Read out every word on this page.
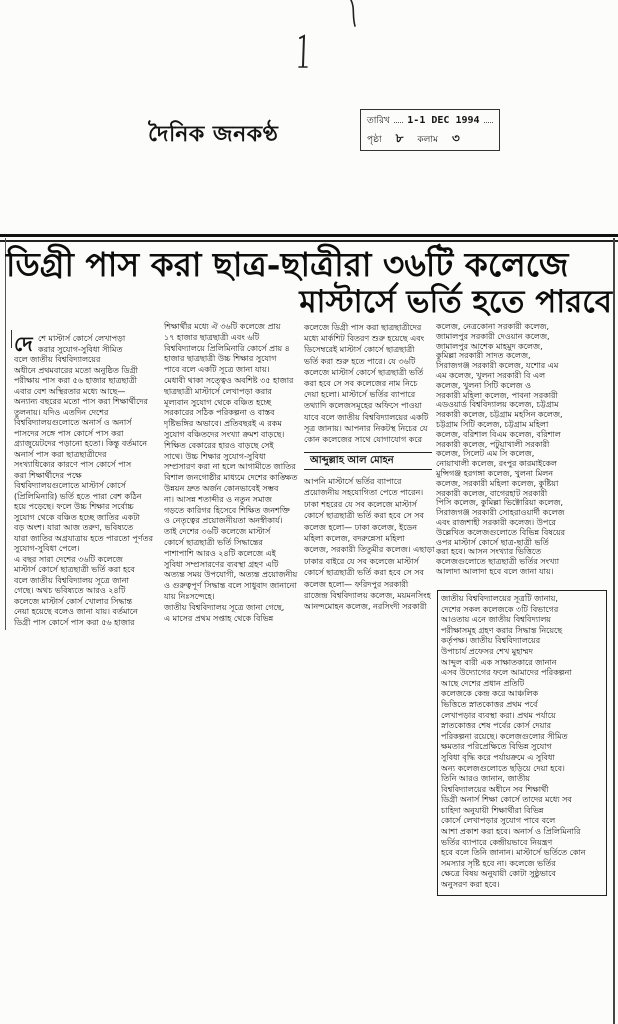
দৈনিক জনকণ্ঠ	তারিখ 1-1 DEC 1994
পৃষ্ঠা	৮	কলাম	৩
ডিগ্রী পাস করা ছাত্র-ছাত্রীরা ৩৬টি কলেজে
মাস্টার্সে ভর্তি হতে পারবে
দে শে মাস্টার্স কোর্সে লেখাপড়া
করার সুযোগ-সুবিধা সীমিত
বলে জাতীয় বিশ্ববিদ্যালয়ের
অধীনে প্রথমবারের মতো অনুষ্ঠিত ডিগ্রী
পরীক্ষায় পাস করা ৫৬ হাজার ছাত্রছাত্রী
এবার বেশ অস্থিরতার মধ্যে আছে—
অন্যান্য বছরের মতো পাস করা শিক্ষার্থীদের
তুলনায়। যদিও এতদিন দেশের
বিশ্ববিদ্যালয়গুলোতে অনার্স ও অনার্স
পাসদের সঙ্গে পাস কোর্সে পাস করা
গ্র্যাজুয়েটদের পড়ানো হতো। কিন্তু বর্তমানে
অনার্স পাস করা ছাত্রছাত্রীদের
সংখ্যাধিক্যের কারণে পাস কোর্সে পাস
করা শিক্ষার্থীদের পক্ষে
বিশ্ববিদ্যালয়গুলোতে মাস্টার্স কোর্সে
(প্রিলিমিনারি) ভর্তি হতে পারা বেশ কঠিন
হয়ে পড়েছে। ফলে উচ্চ শিক্ষার সর্বোচ্চ
সুযোগ থেকে বঞ্চিত হচ্ছে জাতির একটা
বড় অংশ। যারা আজ তরুণ, ভবিষ্যতে
যারা জাতির অগ্রযাত্রায় হতে পারতো পূর্ণতর
সুযোগ-সুবিধা পেলে।
এ বছর সারা দেশের ৩৬টি কলেজে
মাস্টার্স কোর্সে ছাত্রছাত্রী ভর্তি করা হবে
বলে জাতীয় বিশ্ববিদ্যালয় সূত্রে জানা
গেছে। অথচ ভবিষ্যতে আরও ২৪টি
কলেজে মাস্টার্স কোর্স খোলার সিদ্ধান্ত
নেয়া হয়েছে বলেও জানা যায়। বর্তমানে
ডিগ্রী পাস কোর্সে পাস করা ৫৬ হাজার
শিক্ষার্থীর মধ্যে ঐ ৩৬টি কলেজে প্রায়
১৭ হাজার ছাত্রছাত্রী এবং ৬টি
বিশ্ববিদ্যালয়ে প্রিলিমিনারি কোর্সে প্রায় ৪
হাজার ছাত্রছাত্রী উচ্চ শিক্ষার সুযোগ
পাবে বলে একটি সূত্রে জানা যায়।
মেধাবী থাকা সত্ত্বেও অবশিষ্ট ৩৫ হাজার
ছাত্রছাত্রী মাস্টার্সে লেখাপড়া করার
মূল্যবান সুযোগ থেকে বঞ্চিত হচ্ছে
সরকারের সঠিক পরিকল্পনা ও বাস্তব
দৃষ্টিভঙ্গির অভাবে। প্রতিবছরই এ রকম
সুযোগ বঞ্চিতদের সংখ্যা ক্রমশ বাড়ছে।
শিক্ষিত বেকারের হারও বাড়ছে সেই
সাথে। উচ্চ শিক্ষার সুযোগ-সুবিধা
সম্প্রসারণ করা না হলে আগামীতে জাতির
বিশাল জনগোষ্ঠীর মাধ্যমে দেশের কাঙ্ক্ষিত
উন্নয়ন দ্রুত অর্জন কোনভাবেই সম্ভব
না। আসন্ন শতাব্দীর ও নতুন সমাজ
গড়তে কারিগর হিসেবে শিক্ষিত জনশক্তি
ও নেতৃত্বের প্রয়োজনীয়তা অনস্বীকার্য।
তাই দেশের ৩৬টি কলেজে মাস্টার্স
কোর্সে ছাত্রছাত্রী ভর্তি সিদ্ধান্তের
পাশাপাশি আরও ২৪টি কলেজে এই
সুবিধা সম্প্রসারণের ব্যবস্থা গ্রহণ এটি
অত্যন্ত সময় উপযোগী, অত্যন্ত প্রয়োজনীয়
ও গুরুত্বপূর্ণ সিদ্ধান্ত বলে সাধুবাদ জানানো
যায় নিঃসন্দেহে।
জাতীয় বিশ্ববিদ্যালয় সূত্রে জানা গেছে,
এ মাসের প্রথম সপ্তাহ থেকে বিভিন্ন
কলেজে ডিগ্রী পাস করা ছাত্রছাত্রীদের
মধ্যে মার্কশিট বিতরণ শুরু হয়েছে এবং
ডিসেম্বরেই মাস্টার্স কোর্সে ছাত্রছাত্রী
ভর্তি করা শুরু হতে পারে। যে ৩৬টি
কলেজে মাস্টার্স কোর্সে ছাত্রছাত্রী ভর্তি
করা হবে সে সব কলেজের নাম নিচে
দেয়া হলো। মাস্টার্সে ভর্তির ব্যাপারে
তথ্যাদি কলেজসমূহের অফিসে পাওয়া
যাবে বলে জাতীয় বিশ্ববিদ্যালয়ের একটি
সূত্র জানায়। আপনার নিকটস্থ নিচের যে
কোন কলেজের সাথে যোগাযোগ করে
আব্দুল্লাহ আল মোহন
আপনি মাস্টার্সে ভর্তির ব্যাপারে
প্রয়োজনীয় সহযোগিতা পেতে পারেন।
ঢাকা শহরের যে সব কলেজে মাস্টার্স
কোর্সে ছাত্রছাত্রী ভর্তি করা হবে সে সব
কলেজ হলো— ঢাকা কলেজ, ইডেন
মহিলা কলেজ, বদরুন্নেসা মহিলা
কলেজ, সরকারী তিতুমীর কলেজ। এছাড়া
ঢাকার বাইরে যে সব কলেজে মাস্টার্স
কোর্সে ছাত্রছাত্রী ভর্তি করা হবে সে সব
কলেজ হলো— ফরিদপুর সরকারী
রাজেন্দ্র বিশ্ববিদ্যালয় কলেজ, ময়মনসিংহ
আনন্দমোহন কলেজ, নরসিংদী সরকারী
কলেজ, নেত্রকোনা সরকারী কলেজ,
জামালপুর সরকারী দেওয়ান কলেজ,
জামালপুর আশেক মাহমুদ কলেজ,
কুমিল্লা সরকারী সাদত কলেজ,
সিরাজগঞ্জ সরকারী কলেজ, যশোর এম
এম কলেজ, খুলনা সরকারী বি এল
কলেজ, খুলনা সিটি কলেজ ও
সরকারী মহিলা কলেজ, পাবনা সরকারী
এডওয়ার্ড বিশ্ববিদ্যালয় কলেজ, চট্টগ্রাম
সরকারী কলেজ, চট্টগ্রাম মহসিন কলেজ,
চট্টগ্রাম সিটি কলেজ, চট্টগ্রাম মহিলা
কলেজ, বরিশাল বিএম কলেজ, বরিশাল
সরকারী কলেজ, পটুয়াখালী সরকারী
কলেজ, সিলেট এম সি কলেজ,
নোয়াখালী কলেজ, রংপুর কারমাইকেল
মুন্সিগঞ্জ হরগঙ্গা কলেজ, খুলনা মিলন
কলেজ, সরকারী মহিলা কলেজ, কুষ্টিয়া
সরকারী কলেজ, বাগেরহাট সরকারী
পিসি কলেজ, কুমিল্লা ভিক্টোরিয়া কলেজ,
সিরাজগঞ্জ সরকারী সোহরাওয়ার্দী কলেজ
এবং রাজশাহী সরকারী কলেজ। উপরে
উল্লেখিত কলেজগুলোতে বিভিন্ন বিষয়ের
ওপর মাস্টার্স কোর্সে ছাত্র-ছাত্রী ভর্তি
করা হবে। আসন সংখ্যার ভিত্তিতে
কলেজগুলোতে ছাত্রছাত্রী ভর্তির সংখ্যা
আলাদা আলাদা হবে বলে জানা যায়।
জাতীয় বিশ্ববিদ্যালয়ের সূত্রটি জানায়,
দেশের সকল কলেজকে ৩টি বিভাগের
আওতায় এনে জাতীয় বিশ্ববিদ্যালয়
পরীক্ষাসমূহ গ্রহণ করার সিদ্ধান্ত নিয়েছে
কর্তৃপক্ষ। জাতীয় বিশ্ববিদ্যালয়ের
উপাচার্য প্রফেসর শেখ মুহাম্মদ
আব্দুল বারী এক সাক্ষাতকারে জানান
এসব উদ্যোগের ফলে আমাদের পরিকল্পনা
আছে দেশের প্রধান প্রতিটি
কলেজকে কেন্দ্র করে আঞ্চলিক
ভিত্তিতে স্নাতকোত্তর প্রথম পর্বে
লেখাপড়ার ব্যবস্থা করা। প্রথম পর্যায়ে
স্নাতকোত্তর শেষ পর্বের কোর্স দেয়ার
পরিকল্পনা রয়েছে। কলেজগুলোর সীমিত
ক্ষমতার পরিপ্রেক্ষিতে বিভিন্ন সুযোগ
সুবিধা বৃদ্ধি করে পর্যায়ক্রমে এ সুবিধা
অন্য কলেজগুলোতে ছড়িয়ে দেয়া হবে।
তিনি আরও জানান, জাতীয়
বিশ্ববিদ্যালয়ের অধীনে সব শিক্ষার্থী
ডিগ্রী অনার্স শিক্ষা কোর্সে তাদের মধ্যে সব
চাহিদা অনুযায়ী শিক্ষার্থীরা বিভিন্ন
কোর্সে লেখাপড়ার সুযোগ পাবে বলে
আশা প্রকাশ করা হবে। অনার্স ও প্রিলিমিনারি
ভর্তির ব্যাপারে কেন্দ্রীয়ভাবে নিয়ন্ত্রণ
হবে বলে তিনি জানান। মাস্টার্সে ভর্তিতে কোন
সমস্যার সৃষ্টি হবে না। কলেজে ভর্তির
ক্ষেত্রে বিষয় অনুযায়ী কোটা সুষ্ঠুভাবে
অনুসরণ করা হবে।
